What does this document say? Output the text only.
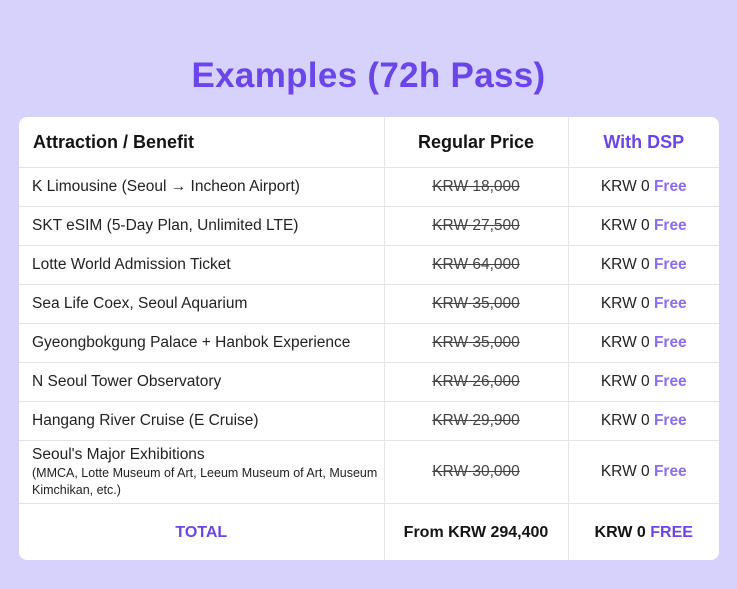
Examples (72h Pass)
Attraction / Benefit	Regular Price	With DSP
K Limousine (Seoul → Incheon Airport)	KRW 18,000	KRW 0 Free
SKT eSIM (5-Day Plan, Unlimited LTE)	KRW 27,500	KRW 0 Free
Lotte World Admission Ticket	KRW 64,000	KRW 0 Free
Sea Life Coex, Seoul Aquarium	KRW 35,000	KRW 0 Free
Gyeongbokgung Palace + Hanbok Experience	KRW 35,000	KRW 0 Free
N Seoul Tower Observatory	KRW 26,000	KRW 0 Free
Hangang River Cruise (E Cruise)	KRW 29,900	KRW 0 Free
Seoul's Major Exhibitions
(MMCA, Lotte Museum of Art, Leeum Museum of Art, Museum Kimchikan, etc.)	KRW 30,000	KRW 0 Free
TOTAL	From KRW 294,400	KRW 0 FREE
